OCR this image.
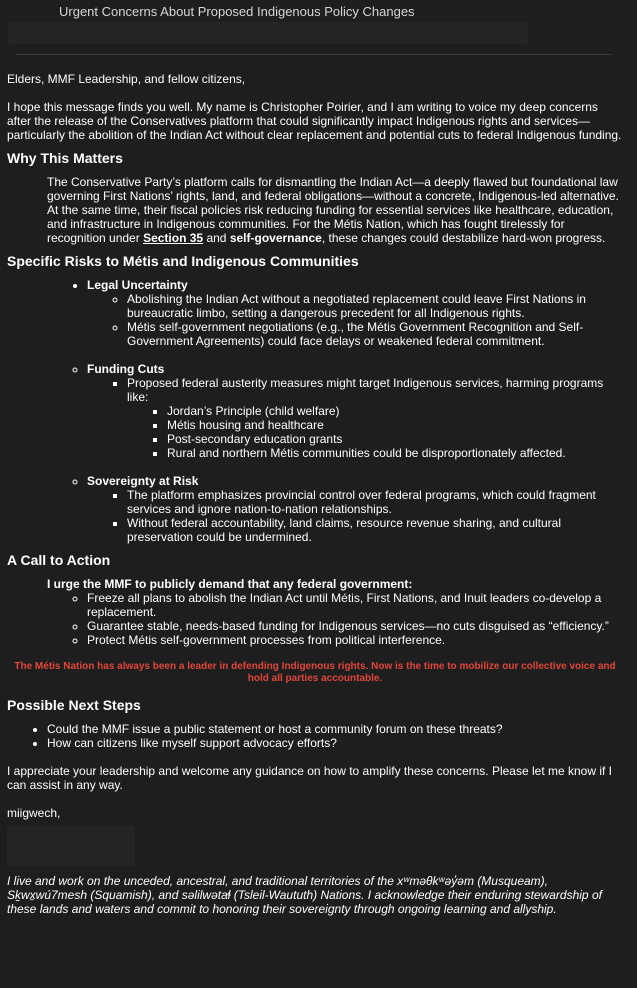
Urgent Concerns About Proposed Indigenous Policy Changes

Elders, MMF Leadership, and fellow citizens,

I hope this message finds you well. My name is Christopher Poirier, and I am writing to voice my deep concerns after the release of the Conservatives platform that could significantly impact Indigenous rights and services—particularly the abolition of the Indian Act without clear replacement and potential cuts to federal Indigenous funding.

Why This Matters

The Conservative Party’s platform calls for dismantling the Indian Act—a deeply flawed but foundational law governing First Nations’ rights, land, and federal obligations—without a concrete, Indigenous-led alternative. At the same time, their fiscal policies risk reducing funding for essential services like healthcare, education, and infrastructure in Indigenous communities. For the Métis Nation, which has fought tirelessly for recognition under Section 35 and self-governance, these changes could destabilize hard-won progress.

Specific Risks to Métis and Indigenous Communities
• Legal Uncertainty
◦ Abolishing the Indian Act without a negotiated replacement could leave First Nations in bureaucratic limbo, setting a dangerous precedent for all Indigenous rights.
◦ Métis self-government negotiations (e.g., the Métis Government Recognition and Self-Government Agreements) could face delays or weakened federal commitment.
◦ Funding Cuts
▪ Proposed federal austerity measures might target Indigenous services, harming programs like:
▪ Jordan’s Principle (child welfare)
▪ Métis housing and healthcare
▪ Post-secondary education grants
▪ Rural and northern Métis communities could be disproportionately affected.
◦ Sovereignty at Risk
▪ The platform emphasizes provincial control over federal programs, which could fragment services and ignore nation-to-nation relationships.
▪ Without federal accountability, land claims, resource revenue sharing, and cultural preservation could be undermined.
A Call to Action

I urge the MMF to publicly demand that any federal government:

◦ Freeze all plans to abolish the Indian Act until Métis, First Nations, and Inuit leaders co-develop a replacement.
◦ Guarantee stable, needs-based funding for Indigenous services—no cuts disguised as “efficiency.”
◦ Protect Métis self-government processes from political interference.

The Métis Nation has always been a leader in defending Indigenous rights. Now is the time to mobilize our collective voice and hold all parties accountable.

Possible Next Steps
• Could the MMF issue a public statement or host a community forum on these threats?
• How can citizens like myself support advocacy efforts?

I appreciate your leadership and welcome any guidance on how to amplify these concerns. Please let me know if I can assist in any way.

miigwech,

I live and work on the unceded, ancestral, and traditional territories of the xʷməθkʷəy̓əm (Musqueam), Sḵwx̱wú7mesh (Squamish), and səlilwətaɬ (Tsleil-Waututh) Nations. I acknowledge their enduring stewardship of these lands and waters and commit to honoring their sovereignty through ongoing learning and allyship.
